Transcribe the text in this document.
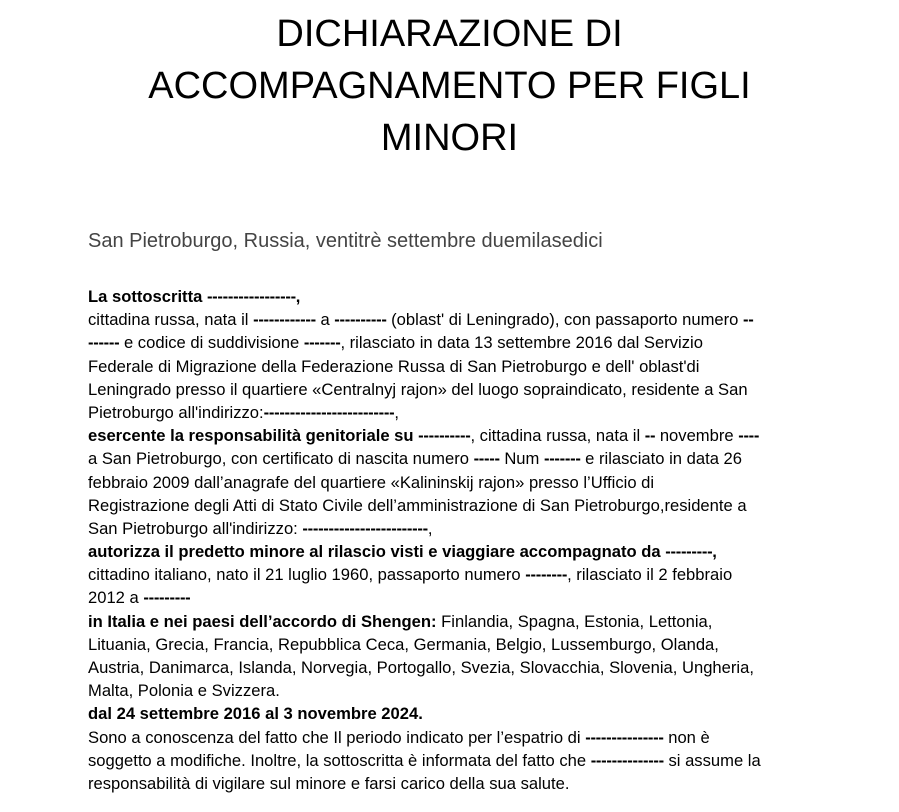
DICHIARAZIONE DI
ACCOMPAGNAMENTO PER FIGLI
MINORI

San Pietroburgo, Russia, ventitrè settembre duemilasedici

La sottoscritta -----------------,
cittadina russa, nata il ------------ a ---------- (oblast' di Leningrado), con passaporto numero --
------ e codice di suddivisione -------, rilasciato in data 13 settembre 2016 dal Servizio
Federale di Migrazione della Federazione Russa di San Pietroburgo e dell' oblast'di
Leningrado presso il quartiere «Centralnyj rajon» del luogo sopraindicato, residente a San
Pietroburgo all'indirizzo:-------------------------,
esercente la responsabilità genitoriale su ----------, cittadina russa, nata il -- novembre ----
a San Pietroburgo, con certificato di nascita numero ----- Num ------- e rilasciato in data 26
febbraio 2009 dall’anagrafe del quartiere «Kalininskij rajon» presso l’Ufficio di
Registrazione degli Atti di Stato Civile dell’amministrazione di San Pietroburgo,residente a
San Pietroburgo all'indirizzo: ------------------------,
autorizza il predetto minore al rilascio visti e viaggiare accompagnato da ---------,
cittadino italiano, nato il 21 luglio 1960, passaporto numero --------, rilasciato il 2 febbraio
2012 a ---------
in Italia e nei paesi dell’accordo di Shengen: Finlandia, Spagna, Estonia, Lettonia,
Lituania, Grecia, Francia, Repubblica Ceca, Germania, Belgio, Lussemburgo, Olanda,
Austria, Danimarca, Islanda, Norvegia, Portogallo, Svezia, Slovacchia, Slovenia, Ungheria,
Malta, Polonia e Svizzera.
dal 24 settembre 2016 al 3 novembre 2024.
Sono a conoscenza del fatto che Il periodo indicato per l’espatrio di --------------- non è
soggetto a modifiche. Inoltre, la sottoscritta è informata del fatto che -------------- si assume la
responsabilità di vigilare sul minore e farsi carico della sua salute.
